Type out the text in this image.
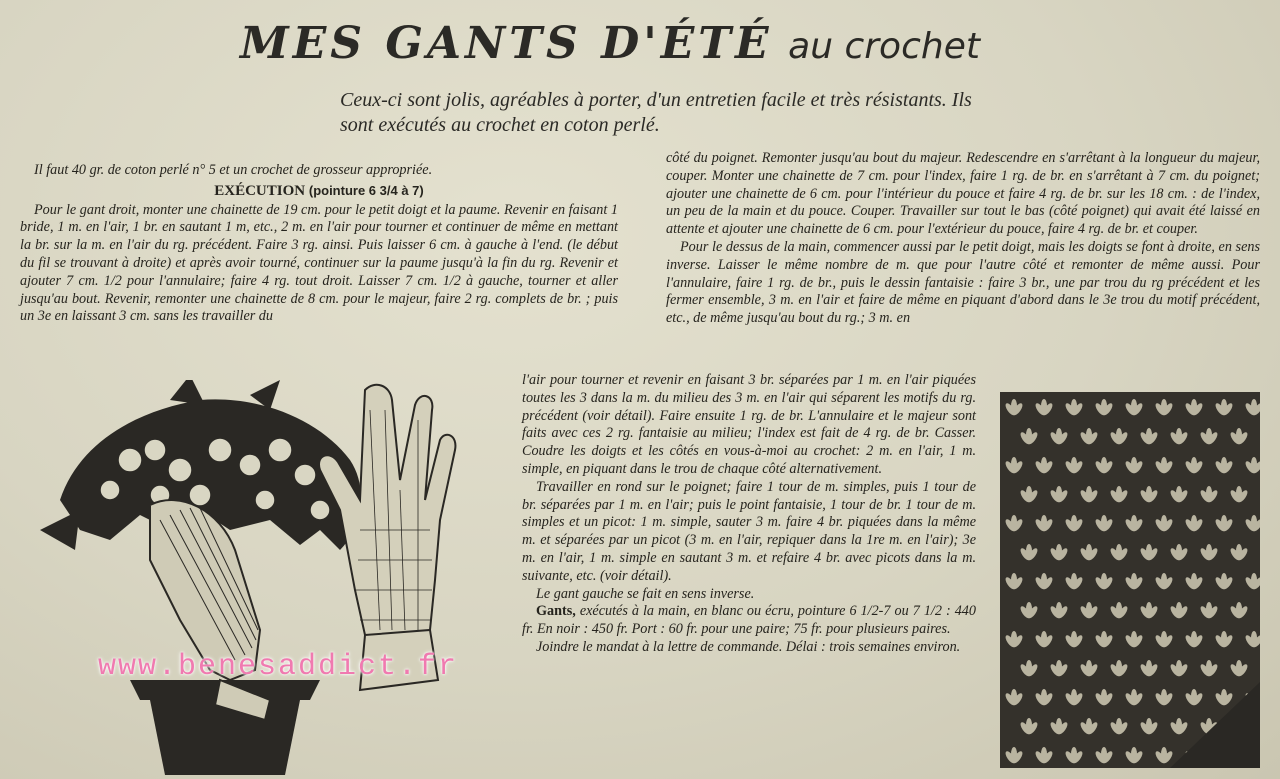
MES GANTS D'ÉTÉ au crochet
Ceux-ci sont jolis, agréables à porter, d'un entretien facile et très résistants. Ils sont exécutés au crochet en coton perlé.

Il faut 40 gr. de coton perlé n° 5 et un crochet de grosseur appropriée.

EXÉCUTION (pointure 6 3/4 à 7)

Pour le gant droit, monter une chainette de 19 cm. pour le petit doigt et la paume. Revenir en faisant 1 bride, 1 m. en l'air, 1 br. en sautant 1 m, etc., 2 m. en l'air pour tourner et continuer de même en mettant la br. sur la m. en l'air du rg. précédent. Faire 3 rg. ainsi. Puis laisser 6 cm. à gauche à l'end. (le début du fil se trouvant à droite) et après avoir tourné, continuer sur la paume jusqu'à la fin du rg. Revenir et ajouter 7 cm. 1/2 pour l'annulaire; faire 4 rg. tout droit. Laisser 7 cm. 1/2 à gauche, tourner et aller jusqu'au bout. Revenir, remonter une chainette de 8 cm. pour le majeur, faire 2 rg. complets de br. ; puis un 3e en laissant 3 cm. sans les travailler du

côté du poignet. Remonter jusqu'au bout du majeur. Redescendre en s'arrêtant à la longueur du majeur, couper. Monter une chainette de 7 cm. pour l'index, faire 1 rg. de br. en s'arrêtant à 7 cm. du poignet; ajouter une chainette de 6 cm. pour l'intérieur du pouce et faire 4 rg. de br. sur les 18 cm. : de l'index, un peu de la main et du pouce. Couper. Travailler sur tout le bas (côté poignet) qui avait été laissé en attente et ajouter une chainette de 6 cm. pour l'extérieur du pouce, faire 4 rg. de br. et couper.

Pour le dessus de la main, commencer aussi par le petit doigt, mais les doigts se font à droite, en sens inverse. Laisser le même nombre de m. que pour l'autre côté et remonter de même aussi. Pour l'annulaire, faire 1 rg. de br., puis le dessin fantaisie : faire 3 br., une par trou du rg précédent et les fermer ensemble, 3 m. en l'air et faire de même en piquant d'abord dans le 3e trou du motif précédent, etc., de même jusqu'au bout du rg.; 3 m. en

l'air pour tourner et revenir en faisant 3 br. séparées par 1 m. en l'air piquées toutes les 3 dans la m. du milieu des 3 m. en l'air qui séparent les motifs du rg. précédent (voir détail). Faire ensuite 1 rg. de br. L'annulaire et le majeur sont faits avec ces 2 rg. fantaisie au milieu; l'index est fait de 4 rg. de br. Casser. Coudre les doigts et les côtés en vous-à-moi au crochet: 2 m. en l'air, 1 m. simple, en piquant dans le trou de chaque côté alternativement.

Travailler en rond sur le poignet; faire 1 tour de m. simples, puis 1 tour de br. séparées par 1 m. en l'air; puis le point fantaisie, 1 tour de br. 1 tour de m. simples et un picot: 1 m. simple, sauter 3 m. faire 4 br. piquées dans la même m. et séparées par un picot (3 m. en l'air, repiquer dans la 1re m. en l'air); 3e m. en l'air, 1 m. simple en sautant 3 m. et refaire 4 br. avec picots dans la m. suivante, etc. (voir détail).

Le gant gauche se fait en sens inverse.

Gants, exécutés à la main, en blanc ou écru, pointure 6 1/2-7 ou 7 1/2 : 440 fr. En noir : 450 fr. Port : 60 fr. pour une paire; 75 fr. pour plusieurs paires.

Joindre le mandat à la lettre de commande. Délai : trois semaines environ.

www.benesaddict.fr
